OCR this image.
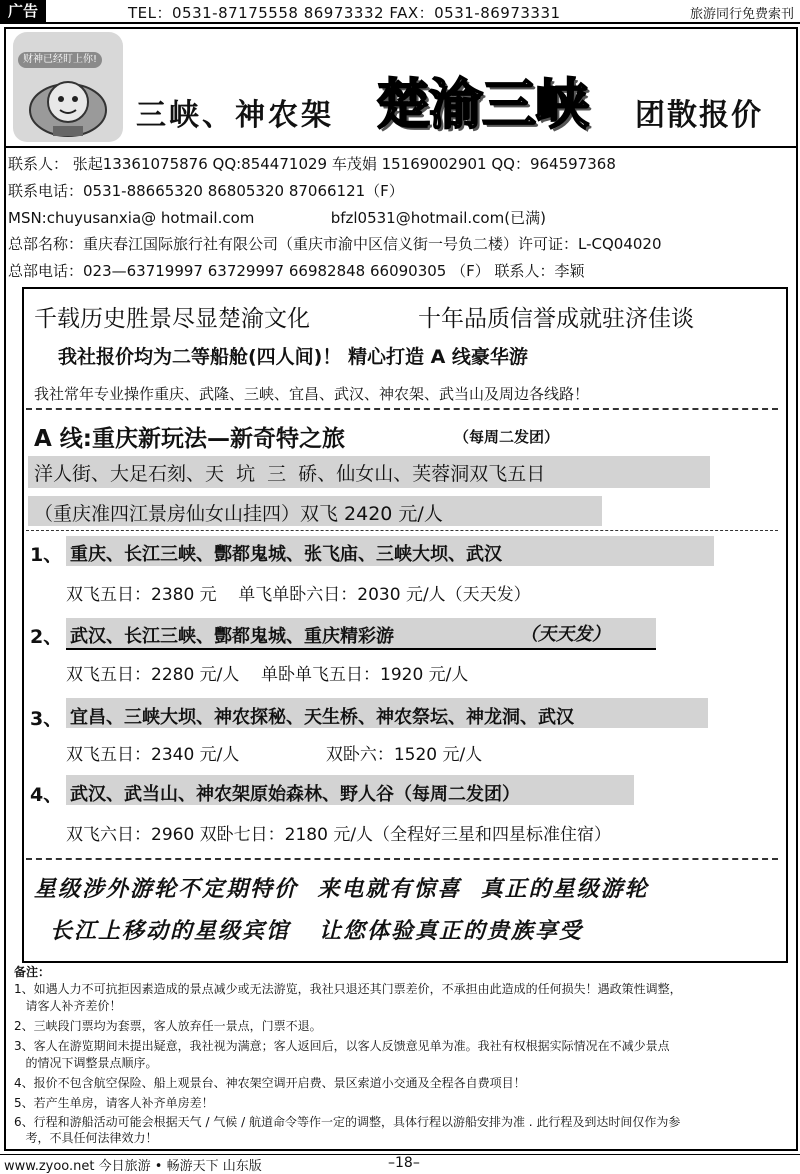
广告	TEL：0531-87175558 86973332 FAX：0531-86973331	旅游同行免费索刊
财神已经盯上你!
三峡、神农架 楚渝三峡 团散报价
联系人： 张起13361075876 QQ:854471029 车茂娟 15169002901 QQ：964597368
联系电话：0531-88665320 86805320 87066121（F）
MSN:chuyusanxia@ hotmail.com                bfzl0531@hotmail.com(已满)
总部名称：重庆春江国际旅行社有限公司（重庆市渝中区信义街一号负二楼）许可证：L-CQ04020
总部电话：023—63719997 63729997 66982848 66090305 （F） 联系人：李颖
千载历史胜景尽显楚渝文化	十年品质信誉成就驻济佳谈
我社报价均为二等船舱(四人间)！ 精心打造 A 线豪华游
我社常年专业操作重庆、武隆、三峡、宜昌、武汉、神农架、武当山及周边各线路！
A 线:重庆新玩法—新奇特之旅	（每周二发团）
洋人街、大足石刻、天  坑  三  硚、仙女山、芙蓉洞双飞五日
（重庆准四江景房仙女山挂四）双飞 2420 元/人
1、 重庆、长江三峡、酆都鬼城、张飞庙、三峡大坝、武汉
双飞五日：2380 元    单飞单卧六日：2030 元/人（天天发）
2、 武汉、长江三峡、酆都鬼城、重庆精彩游	（天天发）
双飞五日：2280 元/人    单卧单飞五日：1920 元/人
3、 宜昌、三峡大坝、神农探秘、天生桥、神农祭坛、神龙洞、武汉
双飞五日：2340 元/人                双卧六：1520 元/人
4、 武汉、武当山、神农架原始森林、野人谷（每周二发团）
双飞六日：2960 双卧七日：2180 元/人（全程好三星和四星标准住宿）
星级涉外游轮不定期特价  来电就有惊喜  真正的星级游轮
长江上移动的星级宾馆   让您体验真正的贵族享受
备注：
1、如遇人力不可抗拒因素造成的景点减少或无法游览，我社只退还其门票差价，不承担由此造成的任何损失！遇政策性调整，
请客人补齐差价！
2、三峡段门票均为套票，客人放弃任一景点，门票不退。
3、客人在游览期间未提出疑意，我社视为满意；客人返回后，以客人反馈意见单为准。我社有权根据实际情况在不减少景点
的情况下调整景点顺序。
4、报价不包含航空保险、船上观景台、神农架空调开启费、景区索道小交通及全程各自费项目！
5、若产生单房，请客人补齐单房差！
6、行程和游船活动可能会根据天气 / 气候 / 航道命令等作一定的调整，具体行程以游船安排为准 . 此行程及到达时间仅作为参
考，不具任何法律效力！
www.zyoo.net 今日旅游 • 畅游天下 山东版	–18–
